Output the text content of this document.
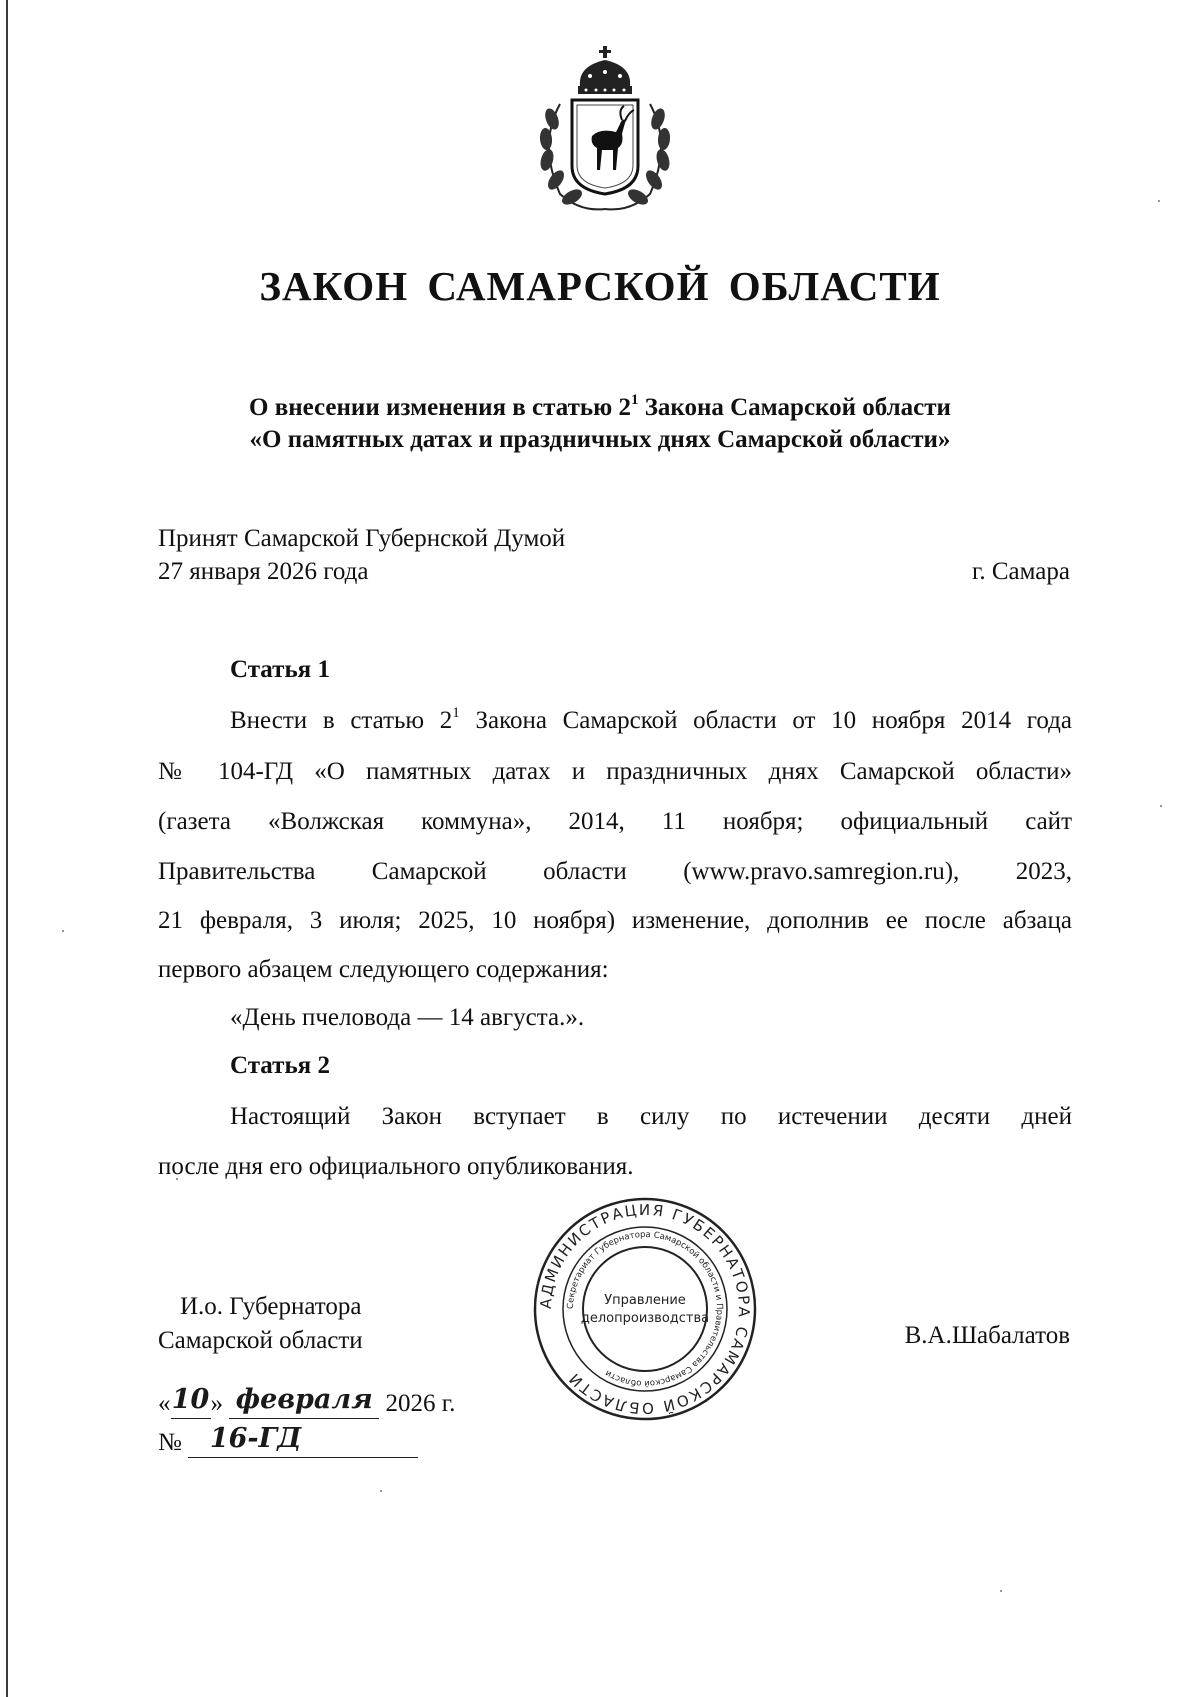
ЗАКОН САМАРСКОЙ ОБЛАСТИ
О внесении изменения в статью $2^1$ Закона Самарской области
«О памятных датах и праздничных днях Самарской области»
Принят Самарской Губернской Думой
27 января 2026 года	г. Самара
Статья 1
Внести в статью $2^1$ Закона Самарской области от 10 ноября 2014 года
№ 104-ГД «О памятных датах и праздничных днях Самарской области»
(газета «Волжская коммуна», 2014, 11 ноября; официальный сайт
Правительства Самарской области (www.pravo.samregion.ru), 2023,
21 февраля, 3 июля; 2025, 10 ноября) изменение, дополнив ее после абзаца
первого абзацем следующего содержания:
«День пчеловода — 14 августа.».
Статья 2
Настоящий Закон вступает в силу по истечении десяти дней
после дня его официального опубликования.
И.о. Губернатора
Самарской области	В.А.Шабалатов
АДМИНИСТРАЦИЯ ГУБЕРНАТОРА САМАРСКОЙ ОБЛАСТИ
Секретариат Губернатора Самарской области и Правительства Самарской области
Управление
делопроизводства
«10» февраля 2026 г.
№ 16-ГД
